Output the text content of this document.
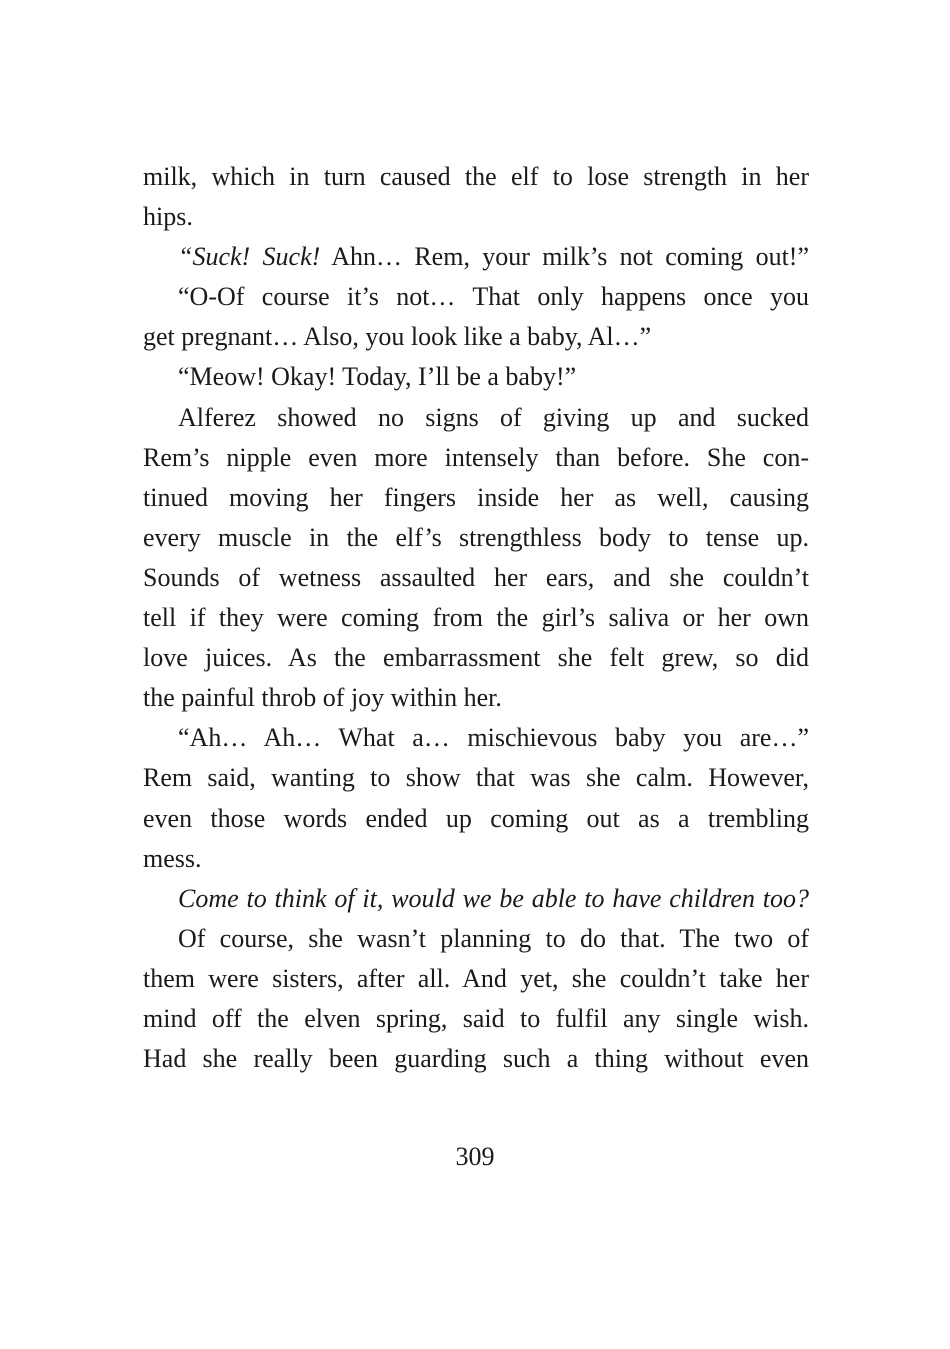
milk, which in turn caused the elf to lose strength in her
hips.
“Suck! Suck! Ahn… Rem, your milk’s not coming out!”
“O-Of course it’s not… That only happens once you
get pregnant… Also, you look like a baby, Al…”
“Meow! Okay! Today, I’ll be a baby!”
Alferez showed no signs of giving up and sucked
Rem’s nipple even more intensely than before. She con-
tinued moving her fingers inside her as well, causing
every muscle in the elf’s strengthless body to tense up.
Sounds of wetness assaulted her ears, and she couldn’t
tell if they were coming from the girl’s saliva or her own
love juices. As the embarrassment she felt grew, so did
the painful throb of joy within her.
“Ah… Ah… What a… mischievous baby you are…”
Rem said, wanting to show that was she calm. However,
even those words ended up coming out as a trembling
mess.
Come to think of it, would we be able to have children too?
Of course, she wasn’t planning to do that. The two of
them were sisters, after all. And yet, she couldn’t take her
mind off the elven spring, said to fulfil any single wish.
Had she really been guarding such a thing without even
309
